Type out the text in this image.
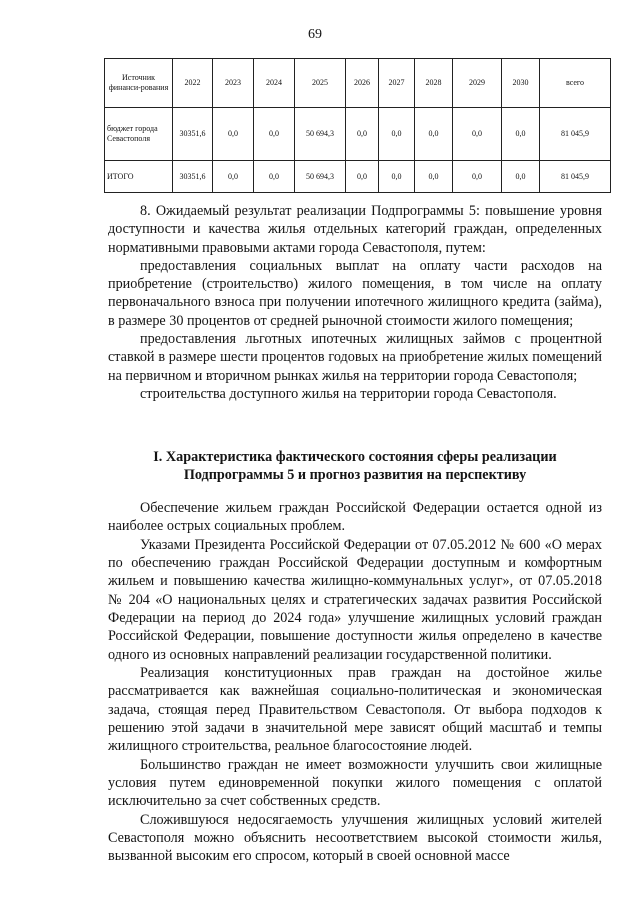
69
Источник финанси-рования	2022	2023	2024	2025	2026	2027	2028	2029	2030	всего
бюджет города Севастополя	30351,6	0,0	0,0	50 694,3	0,0	0,0	0,0	0,0	0,0	81 045,9
ИТОГО	30351,6	0,0	0,0	50 694,3	0,0	0,0	0,0	0,0	0,0	81 045,9

8. Ожидаемый результат реализации Подпрограммы 5: повышение уровня доступности и качества жилья отдельных категорий граждан, определенных нормативными правовыми актами города Севастополя, путем:

предоставления социальных выплат на оплату части расходов на приобретение (строительство) жилого помещения, в том числе на оплату первоначального взноса при получении ипотечного жилищного кредита (займа), в размере 30 процентов от средней рыночной стоимости жилого помещения;

предоставления льготных ипотечных жилищных займов с процентной ставкой в размере шести процентов годовых на приобретение жилых помещений на первичном и вторичном рынках жилья на территории города Севастополя;

строительства доступного жилья на территории города Севастополя.

I. Характеристика фактического состояния сферы реализации Подпрограммы 5 и прогноз развития на перспективу

Обеспечение жильем граждан Российской Федерации остается одной из наиболее острых социальных проблем.

Указами Президента Российской Федерации от 07.05.2012 № 600 «О мерах по обеспечению граждан Российской Федерации доступным и комфортным жильем и повышению качества жилищно-коммунальных услуг», от 07.05.2018 № 204 «О национальных целях и стратегических задачах развития Российской Федерации на период до 2024 года» улучшение жилищных условий граждан Российской Федерации, повышение доступности жилья определено в качестве одного из основных направлений реализации государственной политики.

Реализация конституционных прав граждан на достойное жилье рассматривается как важнейшая социально-политическая и экономическая задача, стоящая перед Правительством Севастополя. От выбора подходов к решению этой задачи в значительной мере зависят общий масштаб и темпы жилищного строительства, реальное благосостояние людей.

Большинство граждан не имеет возможности улучшить свои жилищные условия путем единовременной покупки жилого помещения с оплатой исключительно за счет собственных средств.

Сложившуюся недосягаемость улучшения жилищных условий жителей Севастополя можно объяснить несоответствием высокой стоимости жилья, вызванной высоким его спросом, который в своей основной массе
